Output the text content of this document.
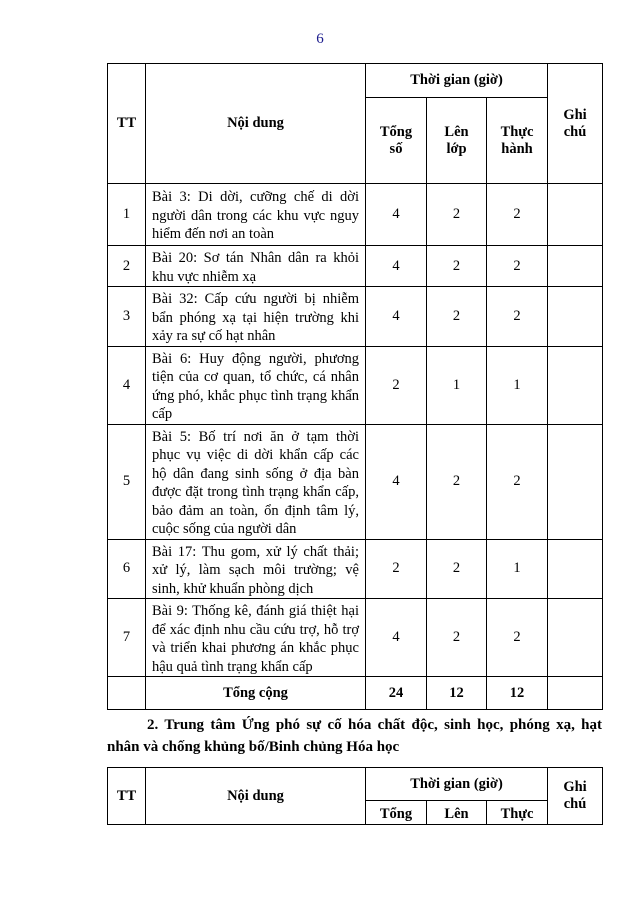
6
TT	Nội dung	Thời gian (giờ)			Ghi chú
		Tổng số	Lên lớp	Thực hành	
1	Bài 3: Di dời, cưỡng chế di dời người dân trong các khu vực nguy hiểm đến nơi an toàn	4	2	2	
2	Bài 20: Sơ tán Nhân dân ra khỏi khu vực nhiễm xạ	4	2	2	
3	Bài 32: Cấp cứu người bị nhiễm bẩn phóng xạ tại hiện trường khi xảy ra sự cố hạt nhân	4	2	2	
4	Bài 6: Huy động người, phương tiện của cơ quan, tổ chức, cá nhân ứng phó, khắc phục tình trạng khẩn cấp	2	1	1	
5	Bài 5: Bố trí nơi ăn ở tạm thời phục vụ việc di dời khẩn cấp các hộ dân đang sinh sống ở địa bàn được đặt trong tình trạng khẩn cấp, bảo đảm an toàn, ổn định tâm lý, cuộc sống của người dân	4	2	2	
6	Bài 17: Thu gom, xử lý chất thải; xử lý, làm sạch môi trường; vệ sinh, khử khuẩn phòng dịch	2	2	1	
7	Bài 9: Thống kê, đánh giá thiệt hại để xác định nhu cầu cứu trợ, hỗ trợ và triển khai phương án khắc phục hậu quả tình trạng khẩn cấp	4	2	2	
	Tổng cộng	24	12	12	
2. Trung tâm Ứng phó sự cố hóa chất độc, sinh học, phóng xạ, hạt nhân và chống khủng bố/Binh chủng Hóa học
TT	Nội dung	Thời gian (giờ)			Ghi chú
		Tổng	Lên	Thực	
